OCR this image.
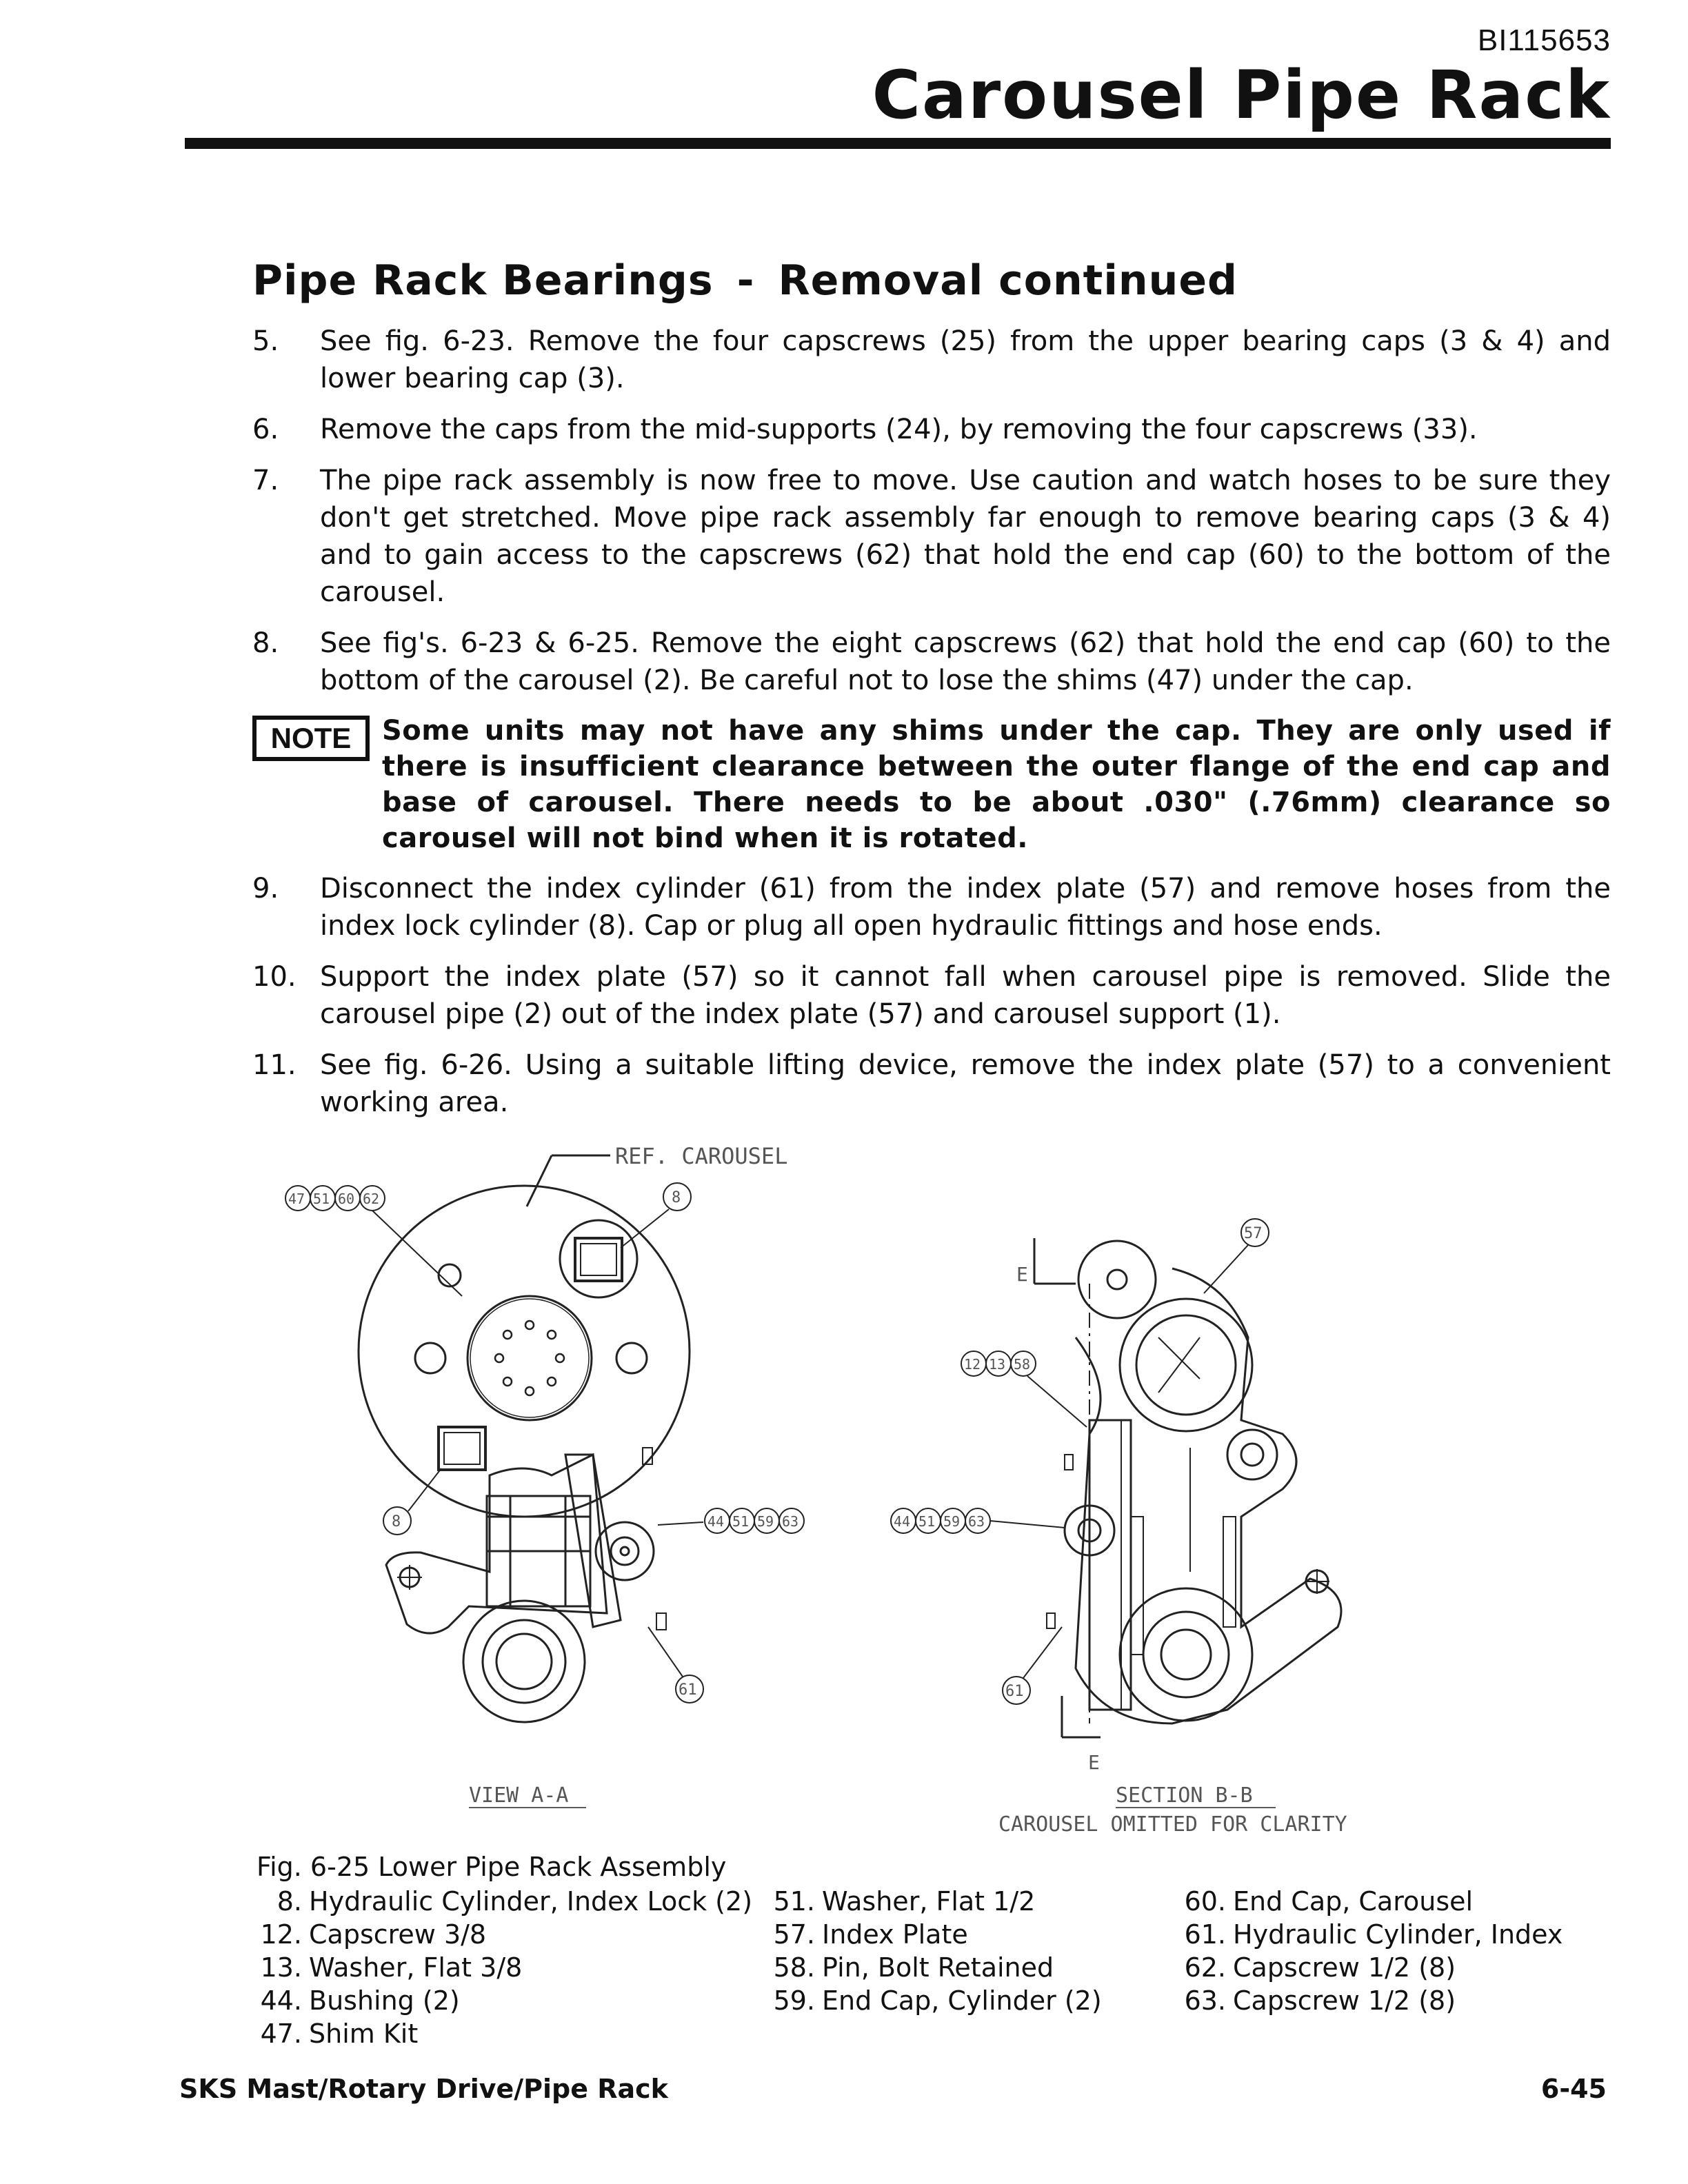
BI115653
Carousel Pipe Rack
Pipe Rack Bearings - Removal continued
5.	See fig. 6-23. Remove the four capscrews (25) from the upper bearing caps (3 & 4) and lower bearing cap (3).
6.	Remove the caps from the mid-supports (24), by removing the four capscrews (33).
7.	The pipe rack assembly is now free to move. Use caution and watch hoses to be sure they don't get stretched. Move pipe rack assembly far enough to remove bearing caps (3 & 4) and to gain access to the capscrews (62) that hold the end cap (60) to the bottom of the carousel.
8.	See fig's. 6-23 & 6-25. Remove the eight capscrews (62) that hold the end cap (60) to the bottom of the carousel (2). Be careful not to lose the shims (47) under the cap.
NOTE	Some units may not have any shims under the cap. They are only used if there is insufficient clearance between the outer flange of the end cap and base of carousel. There needs to be about .030" (.76mm) clearance so carousel will not bind when it is rotated.
9.	Disconnect the index cylinder (61) from the index plate (57) and remove hoses from the index lock cylinder (8). Cap or plug all open hydraulic fittings and hose ends.
10. Support the index plate (57) so it cannot fall when carousel pipe is removed. Slide the carousel pipe (2) out of the index plate (57) and carousel support (1).
11. See fig. 6-26. Using a suitable lifting device, remove the index plate (57) to a convenient working area.
REF. CAROUSEL
47 51 60 62	8
8	44 51 59 63
61
VIEW A-A
E
E
57
12 13 58
44 51 59 63
61
SECTION B-B
CAROUSEL OMITTED FOR CLARITY
Fig. 6-25 Lower Pipe Rack Assembly
8. Hydraulic Cylinder, Index Lock (2)
12. Capscrew 3/8
13. Washer, Flat 3/8
44. Bushing (2)
47. Shim Kit
51. Washer, Flat 1/2
57. Index Plate
58. Pin, Bolt Retained
59. End Cap, Cylinder (2)
60. End Cap, Carousel
61. Hydraulic Cylinder, Index
62. Capscrew 1/2 (8)
63. Capscrew 1/2 (8)
SKS Mast/Rotary Drive/Pipe Rack	6-45
